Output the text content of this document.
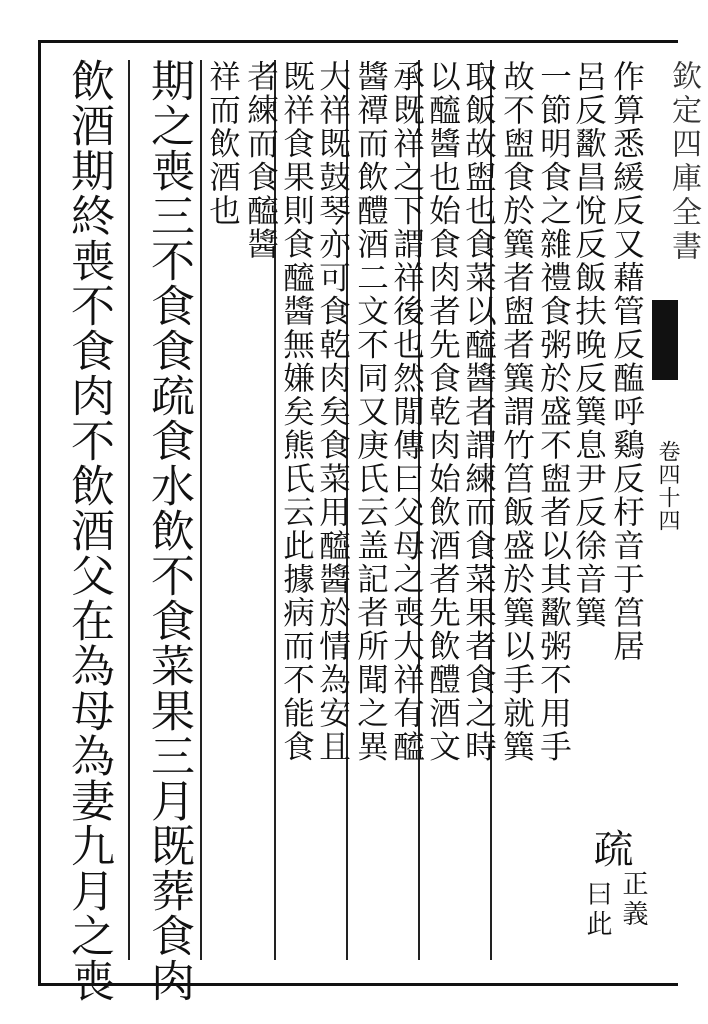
欽定四庫全書
卷四十四
作算悉緩反又藉管反醢呼鷄反杅音于筥居
呂反歠昌悅反飯扶晚反簨息尹反徐音簨
疏
正義
曰此
一節明食之雜禮食粥於盛不盥者以其歠粥不用手
故不盥食於簨者盥者簨謂竹筥飯盛於簨以手就簨
取飯故盥也食菜以醯醬者謂練而食菜果者食之時
以醯醬也始食肉者先食乾肉始飲酒者先飲醴酒文
承既祥之下謂祥後也然閒傳曰父母之喪大祥有醯
醬禫而飲醴酒二文不同又庚氏云盖記者所聞之異
大祥既鼓琴亦可食乾肉矣食菜用醯醬於情為安且
既祥食果則食醯醬無嫌矣熊氏云此據病而不能食
者練而食醯醬
祥而飲酒也
期之喪三不食食疏食水飲不食菜果三月既葬食肉
飲酒期終喪不食肉不飲酒父在為母為妻九月之喪
